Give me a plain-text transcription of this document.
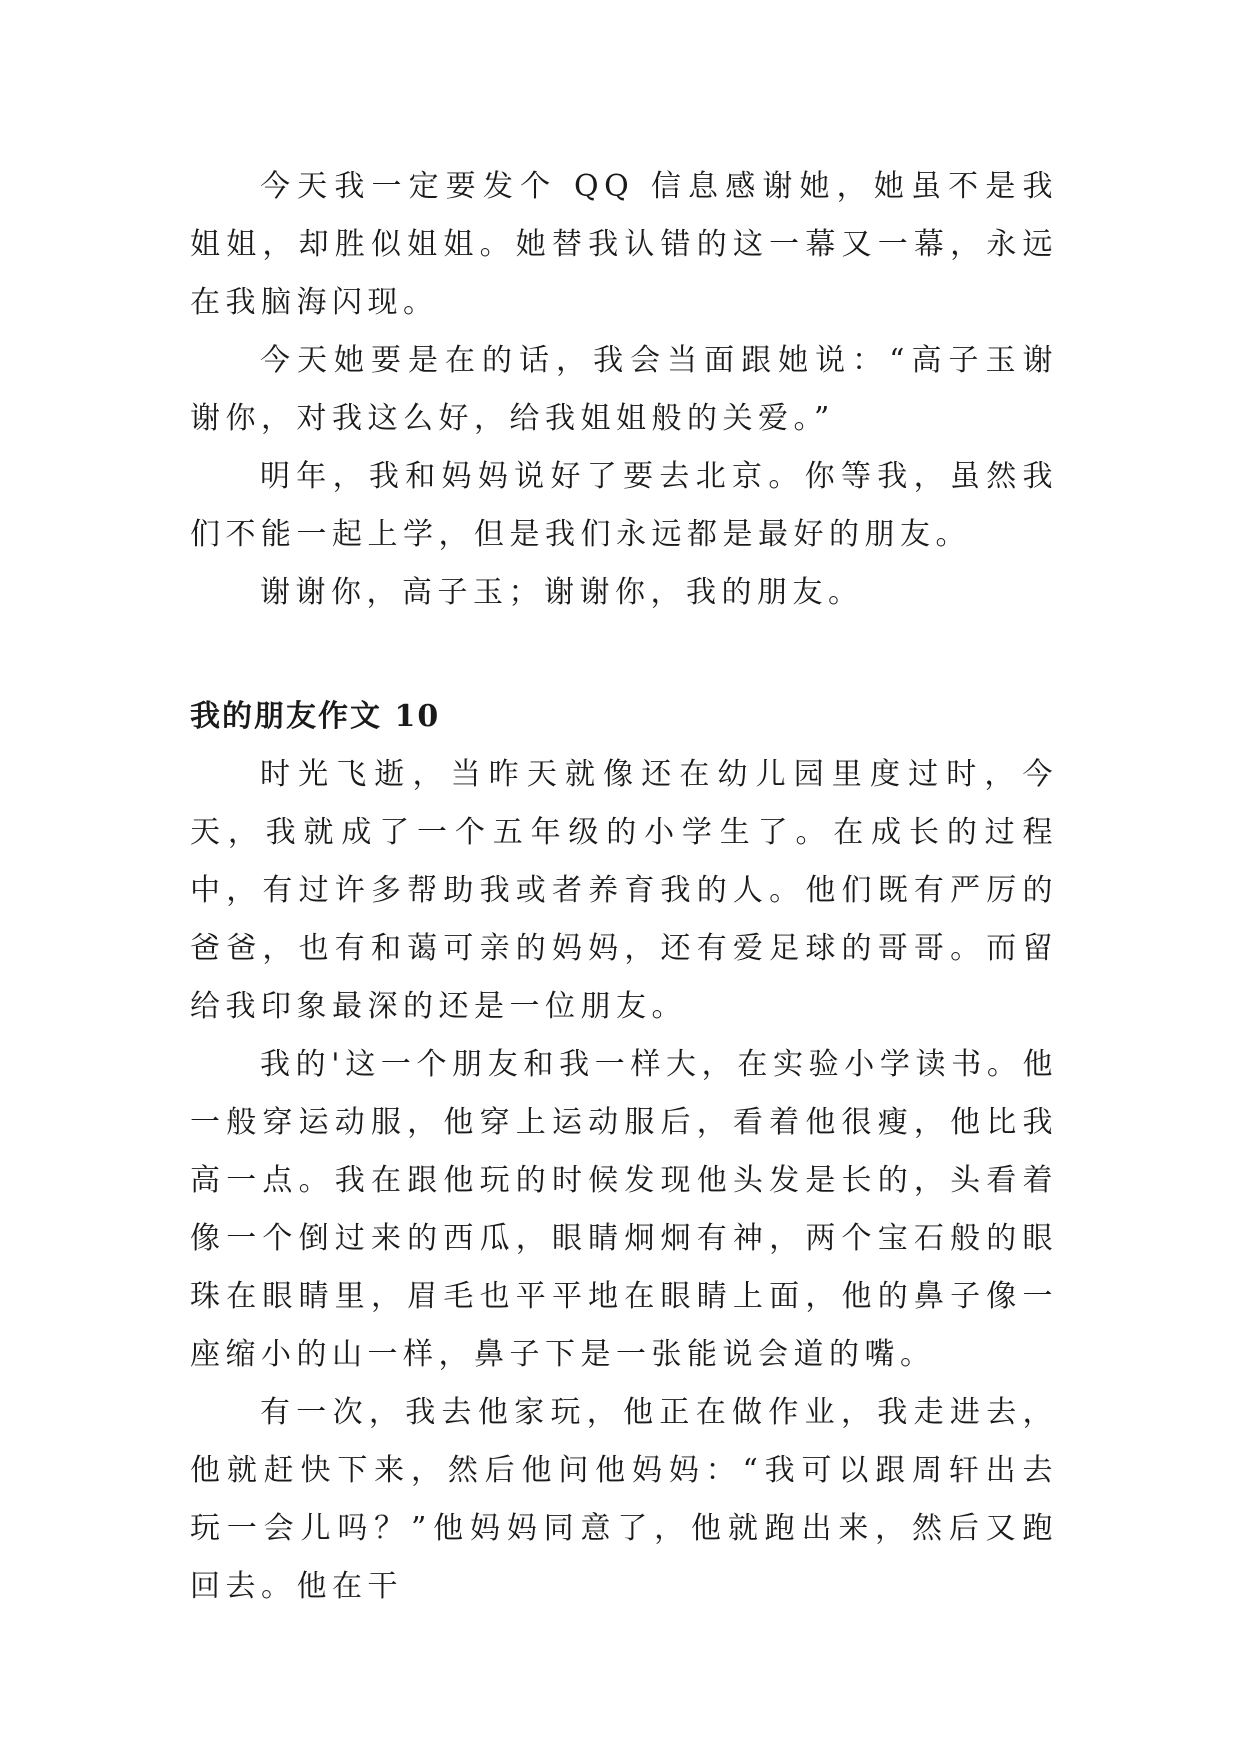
今天我一定要发个 QQ 信息感谢她，她虽不是我姐姐，却胜似姐姐。她替我认错的这一幕又一幕，永远在我脑海闪现。

今天她要是在的话，我会当面跟她说：“高子玉谢谢你，对我这么好，给我姐姐般的关爱。”

明年，我和妈妈说好了要去北京。你等我，虽然我们不能一起上学，但是我们永远都是最好的朋友。

谢谢你，高子玉；谢谢你，我的朋友。

我的朋友作文 10

时光飞逝，当昨天就像还在幼儿园里度过时，今天，我就成了一个五年级的小学生了。在成长的过程中，有过许多帮助我或者养育我的人。他们既有严厉的爸爸，也有和蔼可亲的妈妈，还有爱足球的哥哥。而留给我印象最深的还是一位朋友。

我的'这一个朋友和我一样大，在实验小学读书。他一般穿运动服，他穿上运动服后，看着他很瘦，他比我高一点。我在跟他玩的时候发现他头发是长的，头看着像一个倒过来的西瓜，眼睛炯炯有神，两个宝石般的眼珠在眼睛里，眉毛也平平地在眼睛上面，他的鼻子像一座缩小的山一样，鼻子下是一张能说会道的嘴。

有一次，我去他家玩，他正在做作业，我走进去，他就赶快下来，然后他问他妈妈：“我可以跟周轩出去玩一会儿吗？”他妈妈同意了，他就跑出来，然后又跑回去。他在干
